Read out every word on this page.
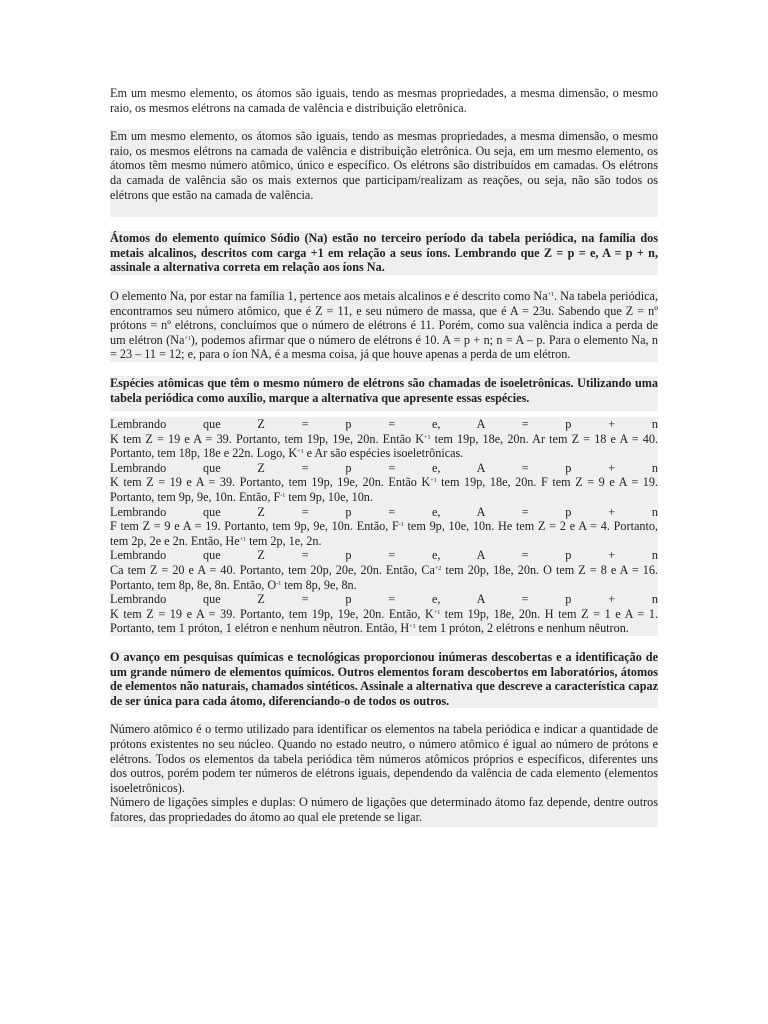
Em um mesmo elemento, os átomos são iguais, tendo as mesmas propriedades, a mesma dimensão, o mesmo raio, os mesmos elétrons na camada de valência e distribuição eletrônica.

Em um mesmo elemento, os átomos são iguais, tendo as mesmas propriedades, a mesma dimensão, o mesmo raio, os mesmos elétrons na camada de valência e distribuição eletrônica. Ou seja, em um mesmo elemento, os átomos têm mesmo número atômico, único e específico. Os elétrons são distribuídos em camadas. Os elétrons da camada de valência são os mais externos que participam/realizam as reações, ou seja, não são todos os elétrons que estão na camada de valência.

Átomos do elemento químico Sódio (Na) estão no terceiro período da tabela periódica, na família dos metais alcalinos, descritos com carga +1 em relação a seus íons. Lembrando que Z = p = e, A = p + n, assinale a alternativa correta em relação aos íons Na.

O elemento Na, por estar na família 1, pertence aos metais alcalinos e é descrito como $Na^{+1}$. Na tabela periódica, encontramos seu número atômico, que é Z = 11, e seu número de massa, que é A = 23u. Sabendo que Z = nº prótons = nº elétrons, concluímos que o número de elétrons é 11. Porém, como sua valência indica a perda de um elétron $(Na^{+1})$, podemos afirmar que o número de elétrons é 10. A = p + n; n = A – p. Para o elemento Na, n = 23 – 11 = 12; e, para o íon NA, é a mesma coisa, já que houve apenas a perda de um elétron.

Espécies atômicas que têm o mesmo número de elétrons são chamadas de isoeletrônicas. Utilizando uma tabela periódica como auxílio, marque a alternativa que apresente essas espécies.

Lembrando que Z = p = e, A = p + n

K tem Z = 19 e A = 39. Portanto, tem 19p, 19e, 20n. Então $K^{+1}$ tem 19p, 18e, 20n. Ar tem Z = 18 e A = 40. Portanto, tem 18p, 18e e 22n. Logo, $K^{+1}$ e Ar são espécies isoeletrônicas.

Lembrando que Z = p = e, A = p + n

K tem Z = 19 e A = 39. Portanto, tem 19p, 19e, 20n. Então $K^{+1}$ tem 19p, 18e, 20n. F tem Z = 9 e A = 19. Portanto, tem 9p, 9e, 10n. Então, $F^{-1}$ tem 9p, 10e, 10n.

Lembrando que Z = p = e, A = p + n

F tem Z = 9 e A = 19. Portanto, tem 9p, 9e, 10n. Então, $F^{-1}$ tem 9p, 10e, 10n. He tem Z = 2 e A = 4. Portanto, tem 2p, 2e e 2n. Então, $He^{+1}$ tem 2p, 1e, 2n.

Lembrando que Z = p = e, A = p + n

Ca tem Z = 20 e A = 40. Portanto, tem 20p, 20e, 20n. Então, $Ca^{+2}$ tem 20p, 18e, 20n. O tem Z = 8 e A = 16. Portanto, tem 8p, 8e, 8n. Então, $O^{-1}$ tem 8p, 9e, 8n.

Lembrando que Z = p = e, A = p + n

K tem Z = 19 e A = 39. Portanto, tem 19p, 19e, 20n. Então, $K^{+1}$ tem 19p, 18e, 20n. H tem Z = 1 e A = 1. Portanto, tem 1 próton, 1 elétron e nenhum nêutron. Então, $H^{+1}$ tem 1 próton, 2 elétrons e nenhum nêutron.

O avanço em pesquisas químicas e tecnológicas proporcionou inúmeras descobertas e a identificação de um grande número de elementos químicos. Outros elementos foram descobertos em laboratórios, átomos de elementos não naturais, chamados sintéticos. Assinale a alternativa que descreve a característica capaz de ser única para cada átomo, diferenciando-o de todos os outros.

Número atômico é o termo utilizado para identificar os elementos na tabela periódica e indicar a quantidade de prótons existentes no seu núcleo. Quando no estado neutro, o número atômico é igual ao número de prótons e elétrons. Todos os elementos da tabela periódica têm números atômicos próprios e específicos, diferentes uns dos outros, porém podem ter números de elétrons iguais, dependendo da valência de cada elemento (elementos isoeletrônicos).

Número de ligações simples e duplas: O número de ligações que determinado átomo faz depende, dentre outros fatores, das propriedades do átomo ao qual ele pretende se ligar.
